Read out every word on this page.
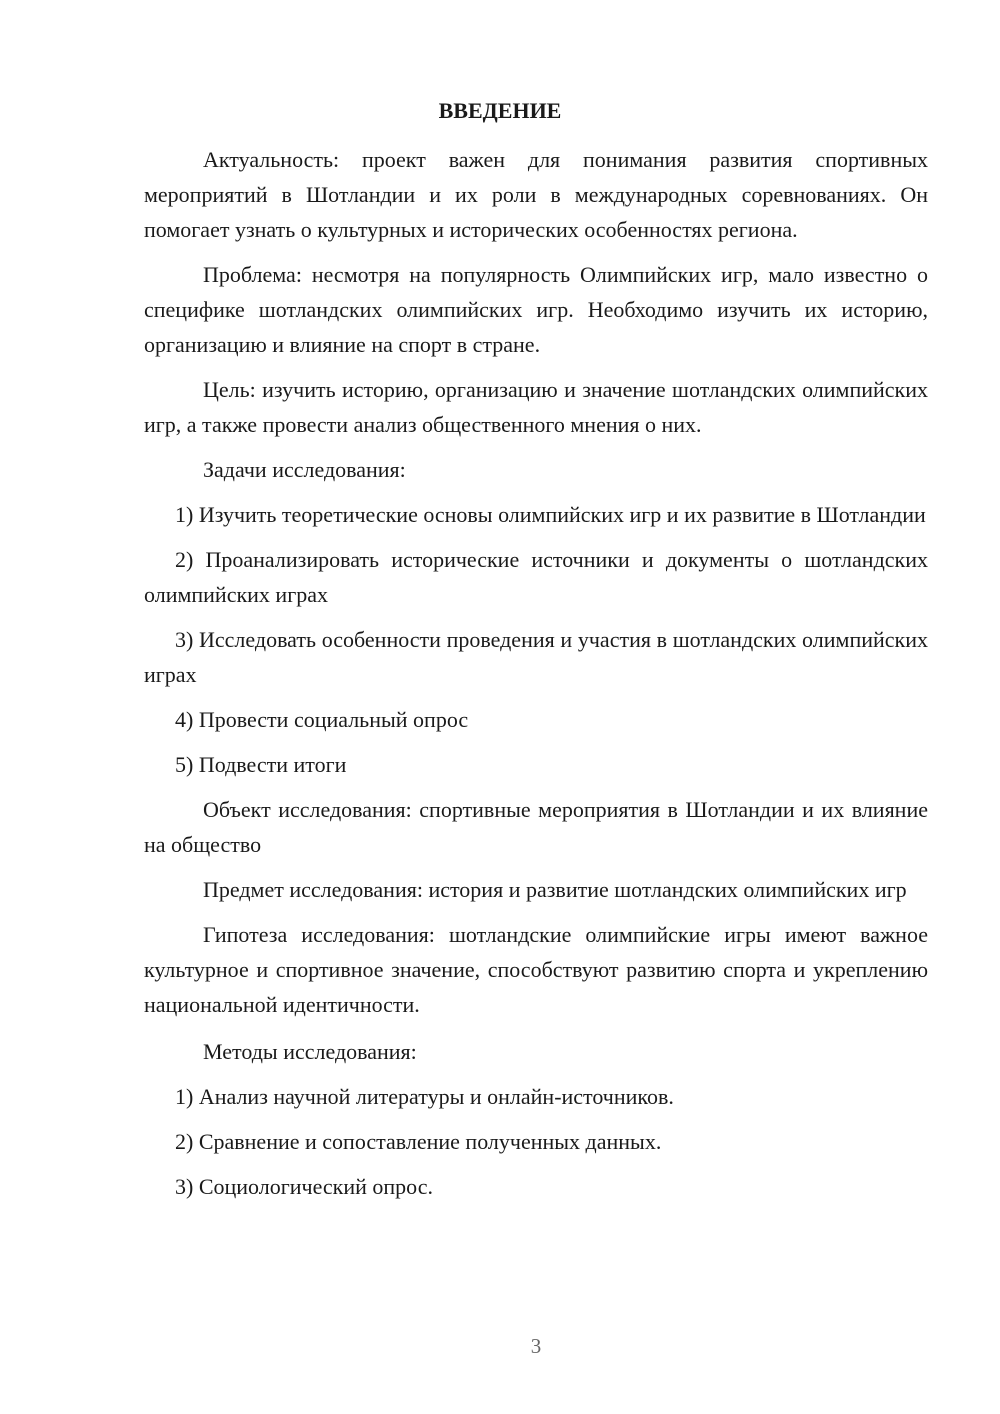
ВВЕДЕНИЕ

Актуальность: проект важен для понимания развития спортивных мероприятий в Шотландии и их роли в международных соревнованиях. Он помогает узнать о культурных и исторических особенностях региона.

Проблема: несмотря на популярность Олимпийских игр, мало известно о специфике шотландских олимпийских игр. Необходимо изучить их историю, организацию и влияние на спорт в стране.

Цель: изучить историю, организацию и значение шотландских олимпийских игр, а также провести анализ общественного мнения о них.

Задачи исследования:

1) Изучить теоретические основы олимпийских игр и их развитие в Шотландии

2) Проанализировать исторические источники и документы о шотландских олимпийских играх

3) Исследовать особенности проведения и участия в шотландских олимпийских играх

4) Провести социальный опрос

5) Подвести итоги

Объект исследования: спортивные мероприятия в Шотландии и их влияние на общество

Предмет исследования: история и развитие шотландских олимпийских игр

Гипотеза исследования: шотландские олимпийские игры имеют важное культурное и спортивное значение, способствуют развитию спорта и укреплению национальной идентичности.

Методы исследования:

1) Анализ научной литературы и онлайн-источников.

2) Сравнение и сопоставление полученных данных.

3) Социологический опрос.

3
